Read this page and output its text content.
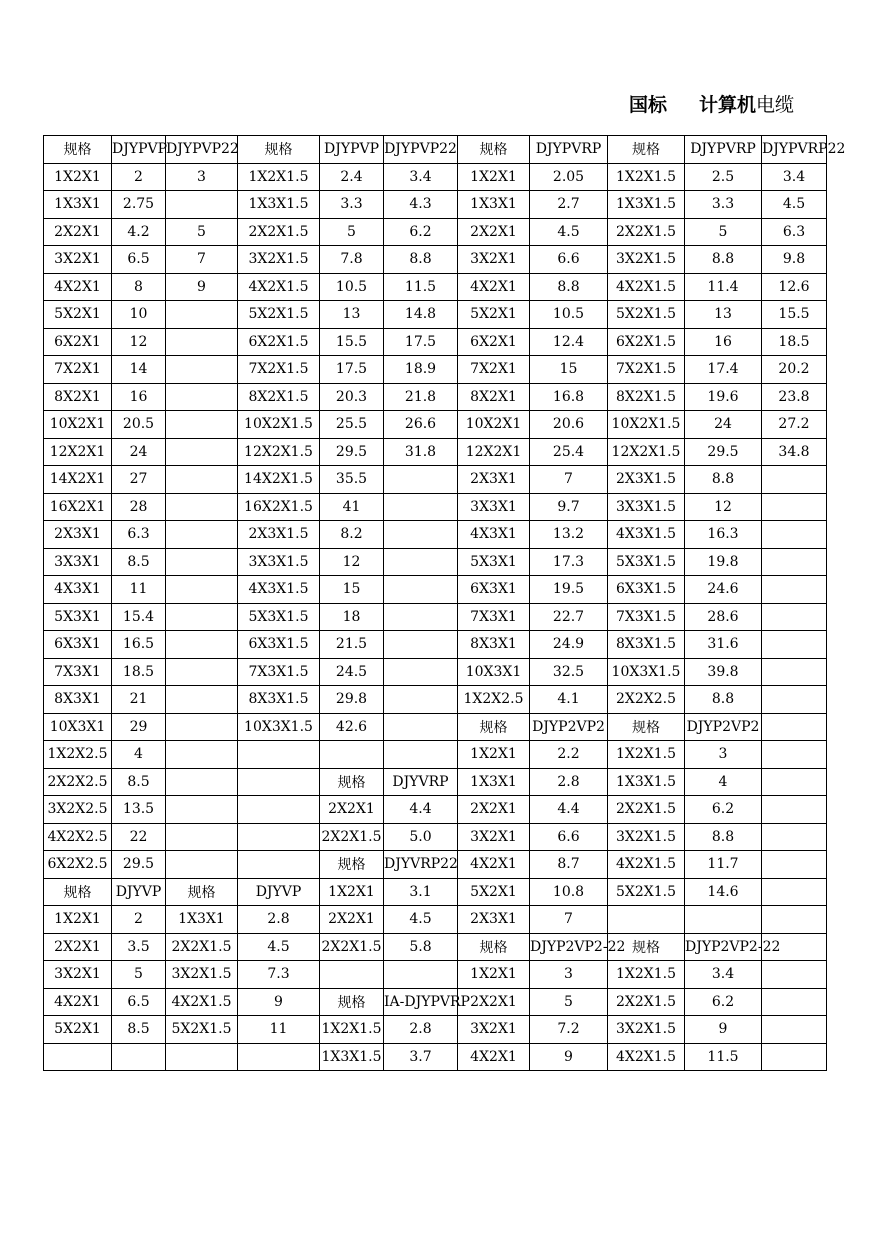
国标 计算机电缆
规格	DJYPVP	DJYPVP22	规格	DJYPVP	DJYPVP22	规格	DJYPVRP	规格	DJYPVRP	DJYPVRP22
1X2X1	2	3	1X2X1.5	2.4	3.4	1X2X1	2.05	1X2X1.5	2.5	3.4
1X3X1	2.75		1X3X1.5	3.3	4.3	1X3X1	2.7	1X3X1.5	3.3	4.5
2X2X1	4.2	5	2X2X1.5	5	6.2	2X2X1	4.5	2X2X1.5	5	6.3
3X2X1	6.5	7	3X2X1.5	7.8	8.8	3X2X1	6.6	3X2X1.5	8.8	9.8
4X2X1	8	9	4X2X1.5	10.5	11.5	4X2X1	8.8	4X2X1.5	11.4	12.6
5X2X1	10		5X2X1.5	13	14.8	5X2X1	10.5	5X2X1.5	13	15.5
6X2X1	12		6X2X1.5	15.5	17.5	6X2X1	12.4	6X2X1.5	16	18.5
7X2X1	14		7X2X1.5	17.5	18.9	7X2X1	15	7X2X1.5	17.4	20.2
8X2X1	16		8X2X1.5	20.3	21.8	8X2X1	16.8	8X2X1.5	19.6	23.8
10X2X1	20.5		10X2X1.5	25.5	26.6	10X2X1	20.6	10X2X1.5	24	27.2
12X2X1	24		12X2X1.5	29.5	31.8	12X2X1	25.4	12X2X1.5	29.5	34.8
14X2X1	27		14X2X1.5	35.5		2X3X1	7	2X3X1.5	8.8	
16X2X1	28		16X2X1.5	41		3X3X1	9.7	3X3X1.5	12	
2X3X1	6.3		2X3X1.5	8.2		4X3X1	13.2	4X3X1.5	16.3	
3X3X1	8.5		3X3X1.5	12		5X3X1	17.3	5X3X1.5	19.8	
4X3X1	11		4X3X1.5	15		6X3X1	19.5	6X3X1.5	24.6	
5X3X1	15.4		5X3X1.5	18		7X3X1	22.7	7X3X1.5	28.6	
6X3X1	16.5		6X3X1.5	21.5		8X3X1	24.9	8X3X1.5	31.6	
7X3X1	18.5		7X3X1.5	24.5		10X3X1	32.5	10X3X1.5	39.8	
8X3X1	21		8X3X1.5	29.8		1X2X2.5	4.1	2X2X2.5	8.8	
10X3X1	29		10X3X1.5	42.6		规格	DJYP2VP2	规格	DJYP2VP2	
1X2X2.5	4					1X2X1	2.2	1X2X1.5	3	
2X2X2.5	8.5			规格	DJYVRP	1X3X1	2.8	1X3X1.5	4	
3X2X2.5	13.5			2X2X1	4.4	2X2X1	4.4	2X2X1.5	6.2	
4X2X2.5	22			2X2X1.5	5.0	3X2X1	6.6	3X2X1.5	8.8	
6X2X2.5	29.5			规格	DJYVRP22	4X2X1	8.7	4X2X1.5	11.7	
规格	DJYVP	规格	DJYVP	1X2X1	3.1	5X2X1	10.8	5X2X1.5	14.6	
1X2X1	2	1X3X1	2.8	2X2X1	4.5	2X3X1	7			
2X2X1	3.5	2X2X1.5	4.5	2X2X1.5	5.8	规格	DJYP2VP2-22	规格	DJYP2VP2-22	
3X2X1	5	3X2X1.5	7.3			1X2X1	3	1X2X1.5	3.4	
4X2X1	6.5	4X2X1.5	9	规格	IA-DJYPVRP	2X2X1	5	2X2X1.5	6.2	
5X2X1	8.5	5X2X1.5	11	1X2X1.5	2.8	3X2X1	7.2	3X2X1.5	9	
				1X3X1.5	3.7	4X2X1	9	4X2X1.5	11.5	
